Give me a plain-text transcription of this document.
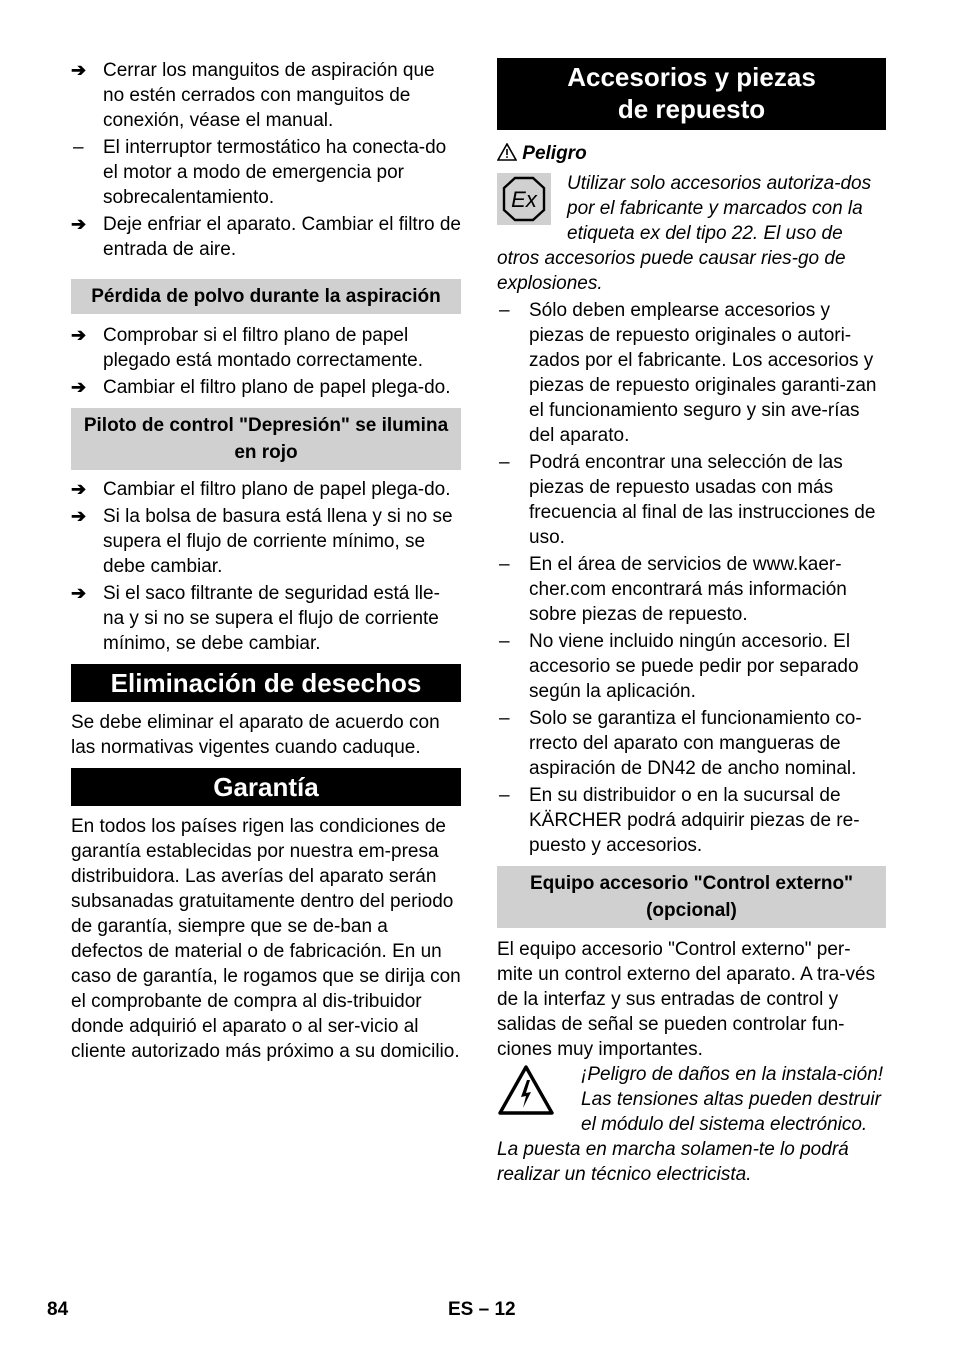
➔ Cerrar los manguitos de aspiración que no estén cerrados con manguitos de conexión, véase el manual.
–	El interruptor termostático ha conecta-do el motor a modo de emergencia por sobrecalentamiento.
➔ Deje enfriar el aparato. Cambiar el filtro de entrada de aire.
Pérdida de polvo durante la aspiración
➔ Comprobar si el filtro plano de papel plegado está montado correctamente.
➔ Cambiar el filtro plano de papel plega-do.
Piloto de control "Depresión" se ilumina en rojo
➔ Cambiar el filtro plano de papel plega-do.
➔ Si la bolsa de basura está llena y si no se supera el flujo de corriente mínimo, se debe cambiar.
➔ Si el saco filtrante de seguridad está lle-na y si no se supera el flujo de corriente mínimo, se debe cambiar.
Eliminación de desechos

Se debe eliminar el aparato de acuerdo con las normativas vigentes cuando caduque.

Garantía

En todos los países rigen las condiciones de garantía establecidas por nuestra em-presa distribuidora. Las averías del aparato serán subsanadas gratuitamente dentro del periodo de garantía, siempre que se de-ban a defectos de material o de fabricación. En un caso de garantía, le rogamos que se dirija con el comprobante de compra al dis-tribuidor donde adquirió el aparato o al ser-vicio al cliente autorizado más próximo a su domicilio.

Accesorios y piezas
de repuesto
Peligro
Ex
Utilizar solo accesorios autoriza-dos por el fabricante y marcados con la etiqueta ex del tipo 22. El uso de otros accesorios puede causar ries-go de explosiones.
–	Sólo deben emplearse accesorios y piezas de repuesto originales o autori-zados por el fabricante. Los accesorios y piezas de repuesto originales garanti-zan el funcionamiento seguro y sin ave-rías del aparato.
–	Podrá encontrar una selección de las piezas de repuesto usadas con más frecuencia al final de las instrucciones de uso.
–	En el área de servicios de www.kaer-cher.com encontrará más información sobre piezas de repuesto.
–	No viene incluido ningún accesorio. El accesorio se puede pedir por separado según la aplicación.
–	Solo se garantiza el funcionamiento co-rrecto del aparato con mangueras de aspiración de DN42 de ancho nominal.
–	En su distribuidor o en la sucursal de KÄRCHER podrá adquirir piezas de re-puesto y accesorios.
Equipo accesorio "Control externo" (opcional)

El equipo accesorio "Control externo" per-mite un control externo del aparato. A tra-vés de la interfaz y sus entradas de control y salidas de señal se pueden controlar fun-ciones muy importantes.

¡Peligro de daños en la instala-ción! Las tensiones altas pueden destruir el módulo del sistema electrónico. La puesta en marcha solamen-te lo podrá realizar un técnico electricista.
84	ES – 12
